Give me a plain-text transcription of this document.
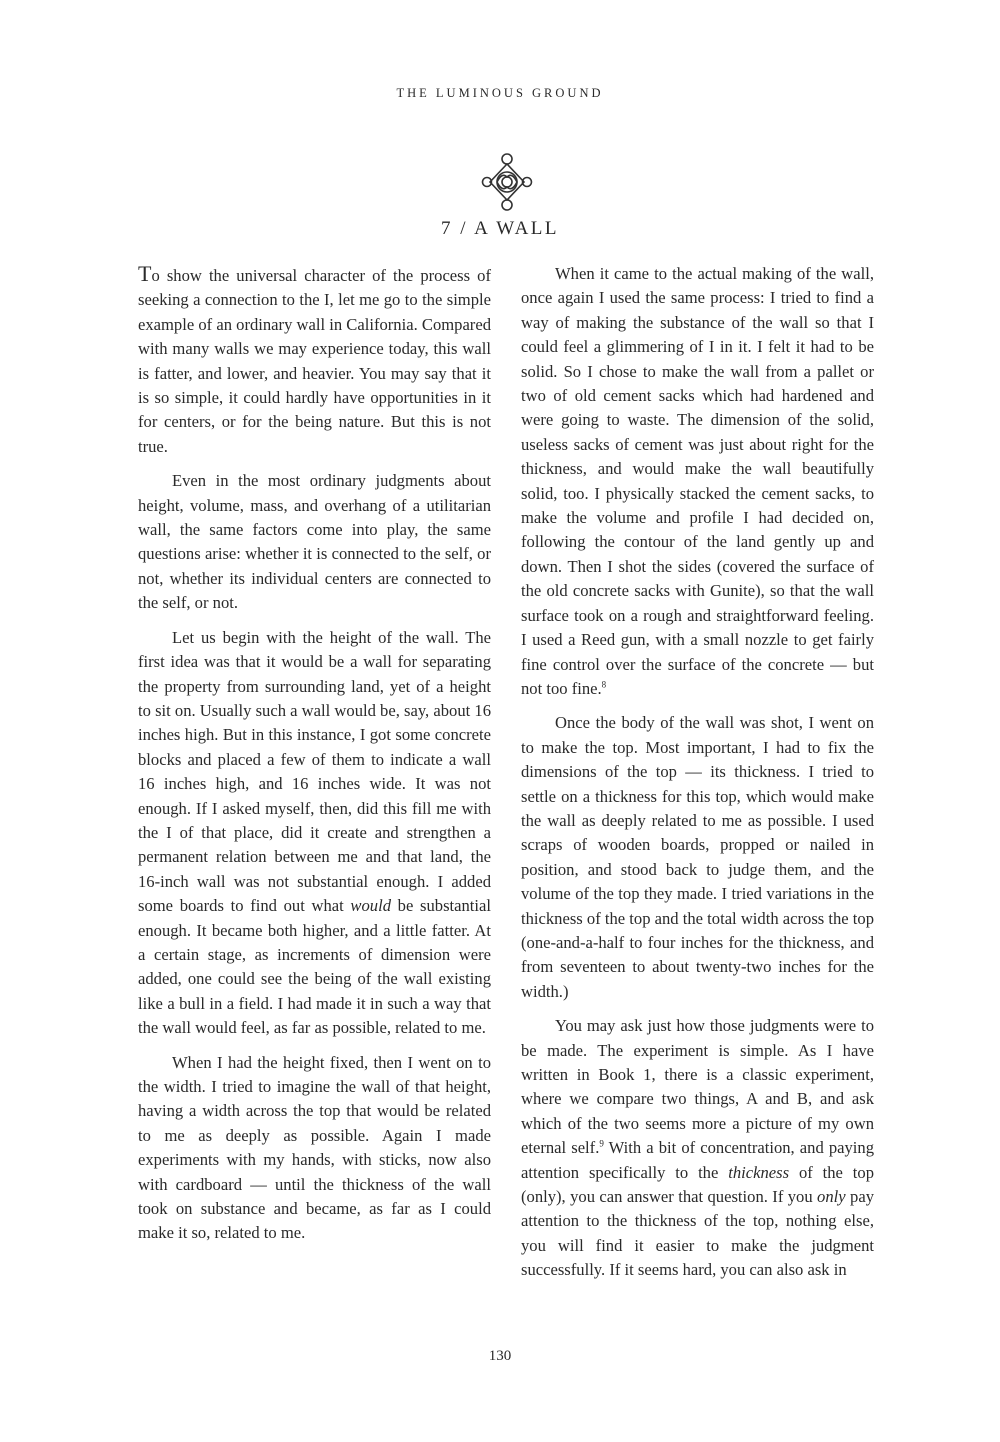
THE LUMINOUS GROUND
7 / A WALL

To show the universal character of the process of seeking a connection to the I, let me go to the simple example of an ordinary wall in California. Compared with many walls we may experience today, this wall is fatter, and lower, and heavier. You may say that it is so simple, it could hardly have opportunities in it for centers, or for the being nature. But this is not true.

Even in the most ordinary judgments about height, volume, mass, and overhang of a utilitarian wall, the same factors come into play, the same questions arise: whether it is connected to the self, or not, whether its individual centers are connected to the self, or not.

Let us begin with the height of the wall. The first idea was that it would be a wall for separating the property from surrounding land, yet of a height to sit on. Usually such a wall would be, say, about 16 inches high. But in this instance, I got some concrete blocks and placed a few of them to indicate a wall 16 inches high, and 16 inches wide. It was not enough. If I asked myself, then, did this fill me with the I of that place, did it create and strengthen a permanent relation between me and that land, the 16-inch wall was not substantial enough. I added some boards to find out what would be substantial enough. It became both higher, and a little fatter. At a certain stage, as increments of dimension were added, one could see the being of the wall existing like a bull in a field. I had made it in such a way that the wall would feel, as far as possible, related to me.

When I had the height fixed, then I went on to the width. I tried to imagine the wall of that height, having a width across the top that would be related to me as deeply as possible. Again I made experiments with my hands, with sticks, now also with cardboard — until the thickness of the wall took on substance and became, as far as I could make it so, related to me.

When it came to the actual making of the wall, once again I used the same process: I tried to find a way of making the substance of the wall so that I could feel a glimmering of I in it. I felt it had to be solid. So I chose to make the wall from a pallet or two of old cement sacks which had hardened and were going to waste. The dimension of the solid, useless sacks of cement was just about right for the thickness, and would make the wall beautifully solid, too. I physically stacked the cement sacks, to make the volume and profile I had decided on, following the contour of the land gently up and down. Then I shot the sides (covered the surface of the old concrete sacks with Gunite), so that the wall surface took on a rough and straightforward feeling. I used a Reed gun, with a small nozzle to get fairly fine control over the surface of the concrete — but not too fine.$^8$

Once the body of the wall was shot, I went on to make the top. Most important, I had to fix the dimensions of the top — its thickness. I tried to settle on a thickness for this top, which would make the wall as deeply related to me as possible. I used scraps of wooden boards, propped or nailed in position, and stood back to judge them, and the volume of the top they made. I tried variations in the thickness of the top and the total width across the top (one-and-a-half to four inches for the thickness, and from seventeen to about twenty-two inches for the width.)

You may ask just how those judgments were to be made. The experiment is simple. As I have written in Book 1, there is a classic experiment, where we compare two things, A and B, and ask which of the two seems more a picture of my own eternal self.$^9$ With a bit of concentration, and paying attention specifically to the thickness of the top (only), you can answer that question. If you only pay attention to the thickness of the top, nothing else, you will find it easier to make the judgment successfully. If it seems hard, you can also ask in

130
